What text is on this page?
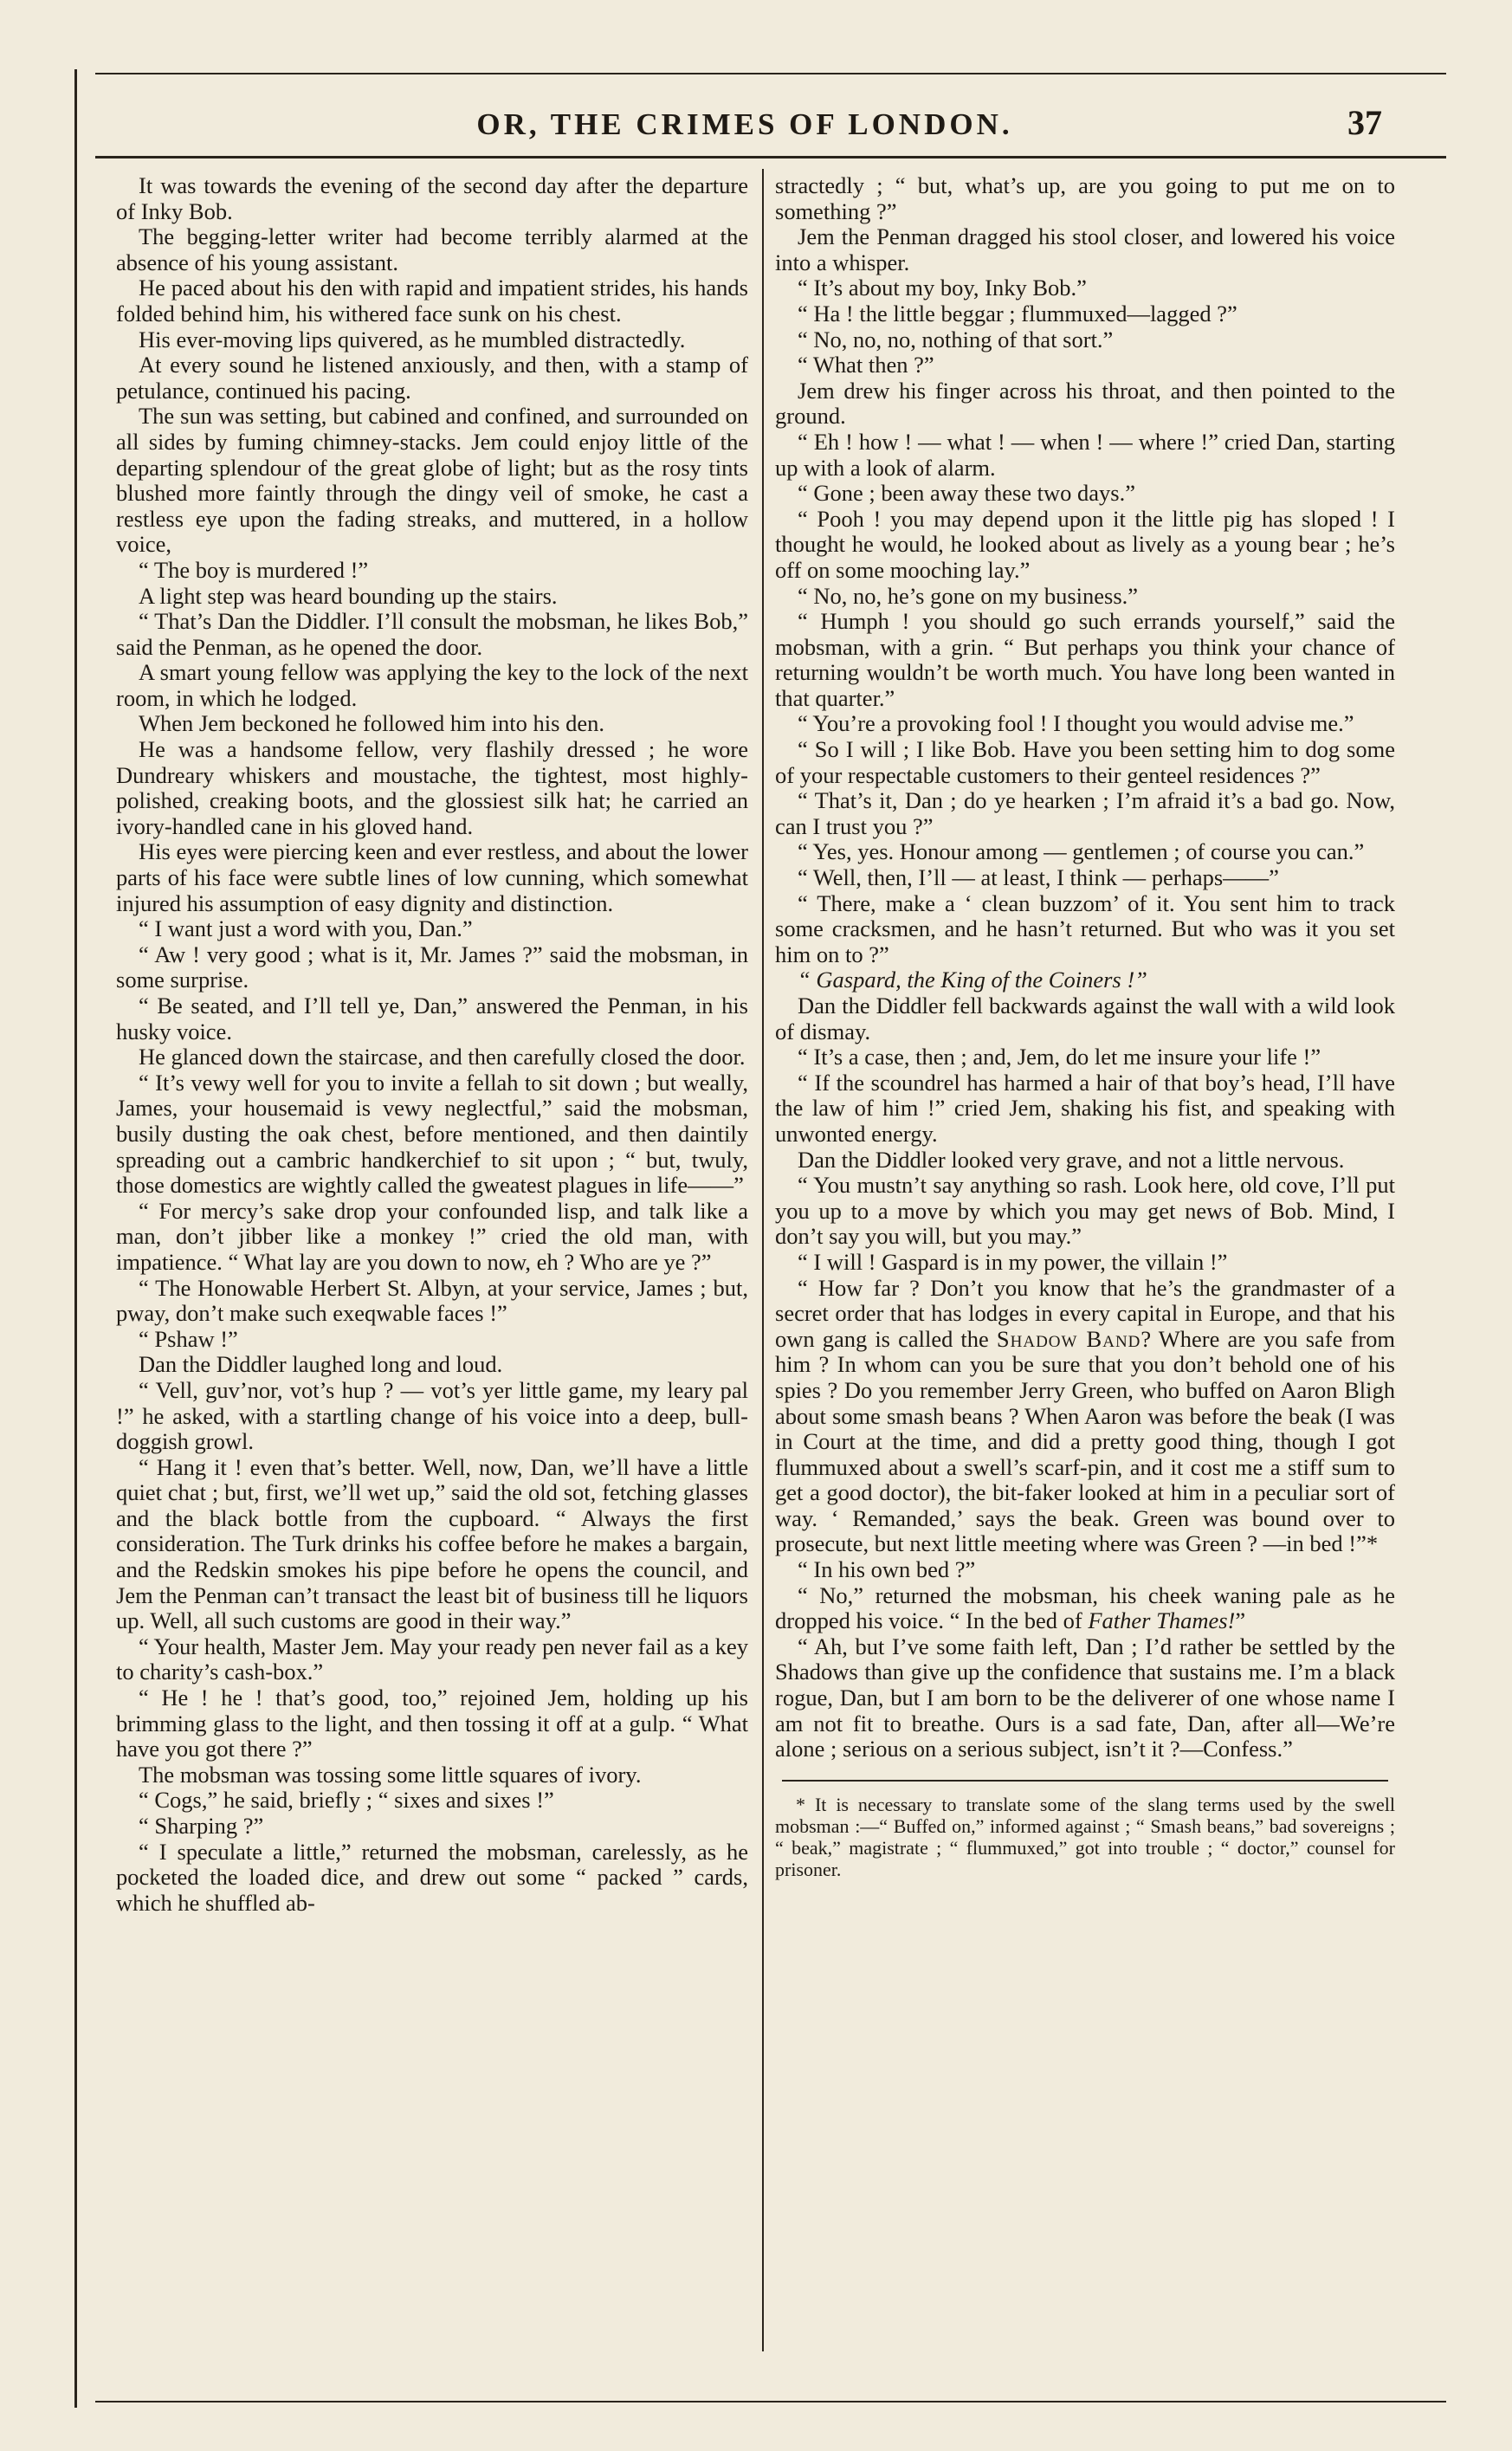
OR, THE CRIMES OF LONDON.	37

It was towards the evening of the second day after the departure of Inky Bob.

The begging-letter writer had become terribly alarmed at the absence of his young assistant.

He paced about his den with rapid and impatient strides, his hands folded behind him, his withered face sunk on his chest.

His ever-moving lips quivered, as he mumbled distractedly.

At every sound he listened anxiously, and then, with a stamp of petulance, continued his pacing.

The sun was setting, but cabined and confined, and surrounded on all sides by fuming chimney-stacks. Jem could enjoy little of the departing splendour of the great globe of light; but as the rosy tints blushed more faintly through the dingy veil of smoke, he cast a restless eye upon the fading streaks, and muttered, in a hollow voice,

“ The boy is murdered !”

A light step was heard bounding up the stairs.

“ That’s Dan the Diddler. I’ll consult the mobsman, he likes Bob,” said the Penman, as he opened the door.

A smart young fellow was applying the key to the lock of the next room, in which he lodged.

When Jem beckoned he followed him into his den.

He was a handsome fellow, very flashily dressed ; he wore Dundreary whiskers and moustache, the tightest, most highly-polished, creaking boots, and the glossiest silk hat; he carried an ivory-handled cane in his gloved hand.

His eyes were piercing keen and ever restless, and about the lower parts of his face were subtle lines of low cunning, which somewhat injured his assumption of easy dignity and distinction.

“ I want just a word with you, Dan.”

“ Aw ! very good ; what is it, Mr. James ?” said the mobsman, in some surprise.

“ Be seated, and I’ll tell ye, Dan,” answered the Penman, in his husky voice.

He glanced down the staircase, and then carefully closed the door.

“ It’s vewy well for you to invite a fellah to sit down ; but weally, James, your housemaid is vewy neglectful,” said the mobsman, busily dusting the oak chest, before mentioned, and then daintily spreading out a cambric handkerchief to sit upon ; “ but, twuly, those domestics are wightly called the gweatest plagues in life——”

“ For mercy’s sake drop your confounded lisp, and talk like a man, don’t jibber like a monkey !” cried the old man, with impatience. “ What lay are you down to now, eh ? Who are ye ?”

“ The Honowable Herbert St. Albyn, at your service, James ; but, pway, don’t make such exeqwable faces !”

“ Pshaw !”

Dan the Diddler laughed long and loud.

“ Vell, guv’nor, vot’s hup ? — vot’s yer little game, my leary pal !” he asked, with a startling change of his voice into a deep, bull-doggish growl.

“ Hang it ! even that’s better. Well, now, Dan, we’ll have a little quiet chat ; but, first, we’ll wet up,” said the old sot, fetching glasses and the black bottle from the cupboard. “ Always the first consideration. The Turk drinks his coffee before he makes a bargain, and the Redskin smokes his pipe before he opens the council, and Jem the Penman can’t transact the least bit of business till he liquors up. Well, all such customs are good in their way.”

“ Your health, Master Jem. May your ready pen never fail as a key to charity’s cash-box.”

“ He ! he ! that’s good, too,” rejoined Jem, holding up his brimming glass to the light, and then tossing it off at a gulp. “ What have you got there ?”

The mobsman was tossing some little squares of ivory.

“ Cogs,” he said, briefly ; “ sixes and sixes !”

“ Sharping ?”

“ I speculate a little,” returned the mobsman, carelessly, as he pocketed the loaded dice, and drew out some “ packed ” cards, which he shuffled ab-

stractedly ; “ but, what’s up, are you going to put me on to something ?”

Jem the Penman dragged his stool closer, and lowered his voice into a whisper.

“ It’s about my boy, Inky Bob.”

“ Ha ! the little beggar ; flummuxed—lagged ?”

“ No, no, no, nothing of that sort.”

“ What then ?”

Jem drew his finger across his throat, and then pointed to the ground.

“ Eh ! how ! — what ! — when ! — where !” cried Dan, starting up with a look of alarm.

“ Gone ; been away these two days.”

“ Pooh ! you may depend upon it the little pig has sloped ! I thought he would, he looked about as lively as a young bear ; he’s off on some mooching lay.”

“ No, no, he’s gone on my business.”

“ Humph ! you should go such errands yourself,” said the mobsman, with a grin. “ But perhaps you think your chance of returning wouldn’t be worth much. You have long been wanted in that quarter.”

“ You’re a provoking fool ! I thought you would advise me.”

“ So I will ; I like Bob. Have you been setting him to dog some of your respectable customers to their genteel residences ?”

“ That’s it, Dan ; do ye hearken ; I’m afraid it’s a bad go. Now, can I trust you ?”

“ Yes, yes. Honour among — gentlemen ; of course you can.”

“ Well, then, I’ll — at least, I think — perhaps——”

“ There, make a ‘ clean buzzom’ of it. You sent him to track some cracksmen, and he hasn’t returned. But who was it you set him on to ?”

“ Gaspard, the King of the Coiners !”

Dan the Diddler fell backwards against the wall with a wild look of dismay.

“ It’s a case, then ; and, Jem, do let me insure your life !”

“ If the scoundrel has harmed a hair of that boy’s head, I’ll have the law of him !” cried Jem, shaking his fist, and speaking with unwonted energy.

Dan the Diddler looked very grave, and not a little nervous.

“ You mustn’t say anything so rash. Look here, old cove, I’ll put you up to a move by which you may get news of Bob. Mind, I don’t say you will, but you may.”

“ I will ! Gaspard is in my power, the villain !”

“ How far ? Don’t you know that he’s the grandmaster of a secret order that has lodges in every capital in Europe, and that his own gang is called the Shadow Band? Where are you safe from him ? In whom can you be sure that you don’t behold one of his spies ? Do you remember Jerry Green, who buffed on Aaron Bligh about some smash beans ? When Aaron was before the beak (I was in Court at the time, and did a pretty good thing, though I got flummuxed about a swell’s scarf-pin, and it cost me a stiff sum to get a good doctor), the bit-faker looked at him in a peculiar sort of way. ‘ Remanded,’ says the beak. Green was bound over to prosecute, but next little meeting where was Green ? —in bed !”*

“ In his own bed ?”

“ No,” returned the mobsman, his cheek waning pale as he dropped his voice. “ In the bed of Father Thames!”

“ Ah, but I’ve some faith left, Dan ; I’d rather be settled by the Shadows than give up the confidence that sustains me. I’m a black rogue, Dan, but I am born to be the deliverer of one whose name I am not fit to breathe. Ours is a sad fate, Dan, after all—We’re alone ; serious on a serious subject, isn’t it ?—Confess.”

* It is necessary to translate some of the slang terms used by the swell mobsman :—“ Buffed on,” informed against ; “ Smash beans,” bad sovereigns ; “ beak,” magistrate ; “ flummuxed,” got into trouble ; “ doctor,” counsel for prisoner.
